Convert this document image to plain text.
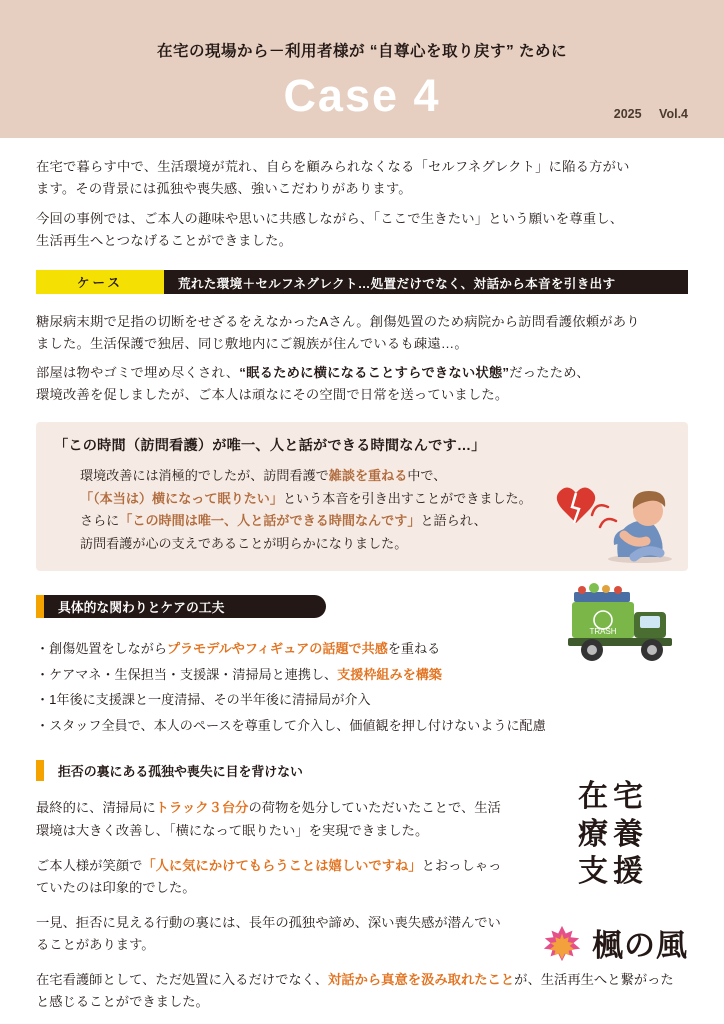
在宅の現場から－利用者様が “自尊心を取り戻す” ために
Case 4	2025 Vol.4

在宅で暮らす中で、生活環境が荒れ、自らを顧みられなくなる「セルフネグレクト」に陥る方がい

ます。その背景には孤独や喪失感、強いこだわりがあります。

今回の事例では、ご本人の趣味や思いに共感しながら、「ここで生きたい」という願いを尊重し、

生活再生へとつなげることができました。

ケース	荒れた環境＋セルフネグレクト…処置だけでなく、対話から本音を引き出す

糖尿病末期で足指の切断をせざるをえなかったAさん。創傷処置のため病院から訪問看護依頼があり

ました。生活保護で独居、同じ敷地内にご親族が住んでいるも疎遠…。

部屋は物やゴミで埋め尽くされ、“眠るために横になることすらできない状態”だったため、

環境改善を促しましたが、ご本人は頑なにその空間で日常を送っていました。

「この時間（訪問看護）が唯一、人と話ができる時間なんです…」
環境改善には消極的でしたが、訪問看護で雑談を重ねる中で、
「（本当は）横になって眠りたい」という本音を引き出すことができました。
さらに「この時間は唯一、人と話ができる時間なんです」と語られ、
訪問看護が心の支えであることが明らかになりました。
具体的な関わりとケアの工夫
・創傷処置をしながらプラモデルやフィギュアの話題で共感を重ねる
・ケアマネ・生保担当・支援課・清掃局と連携し、支援枠組みを構築
・1年後に支援課と一度清掃、その半年後に清掃局が介入
・スタッフ全員で、本人のペースを尊重して介入し、価値観を押し付けないように配慮
拒否の裏にある孤独や喪失に目を背けない

最終的に、清掃局にトラック３台分の荷物を処分していただいたことで、生活環境は大きく改善し、「横になって眠りたい」を実現できました。

ご本人様が笑顔で「人に気にかけてもらうことは嬉しいですね」とおっしゃっていたのは印象的でした。

一見、拒否に見える行動の裏には、長年の孤独や諦め、深い喪失感が潜んでいることがあります。

在宅看護師として、ただ処置に入るだけでなく、対話から真意を汲み取れたことが、生活再生へと繋がったと感じることができました。

TRASH
在宅
療養
支援
楓の風
